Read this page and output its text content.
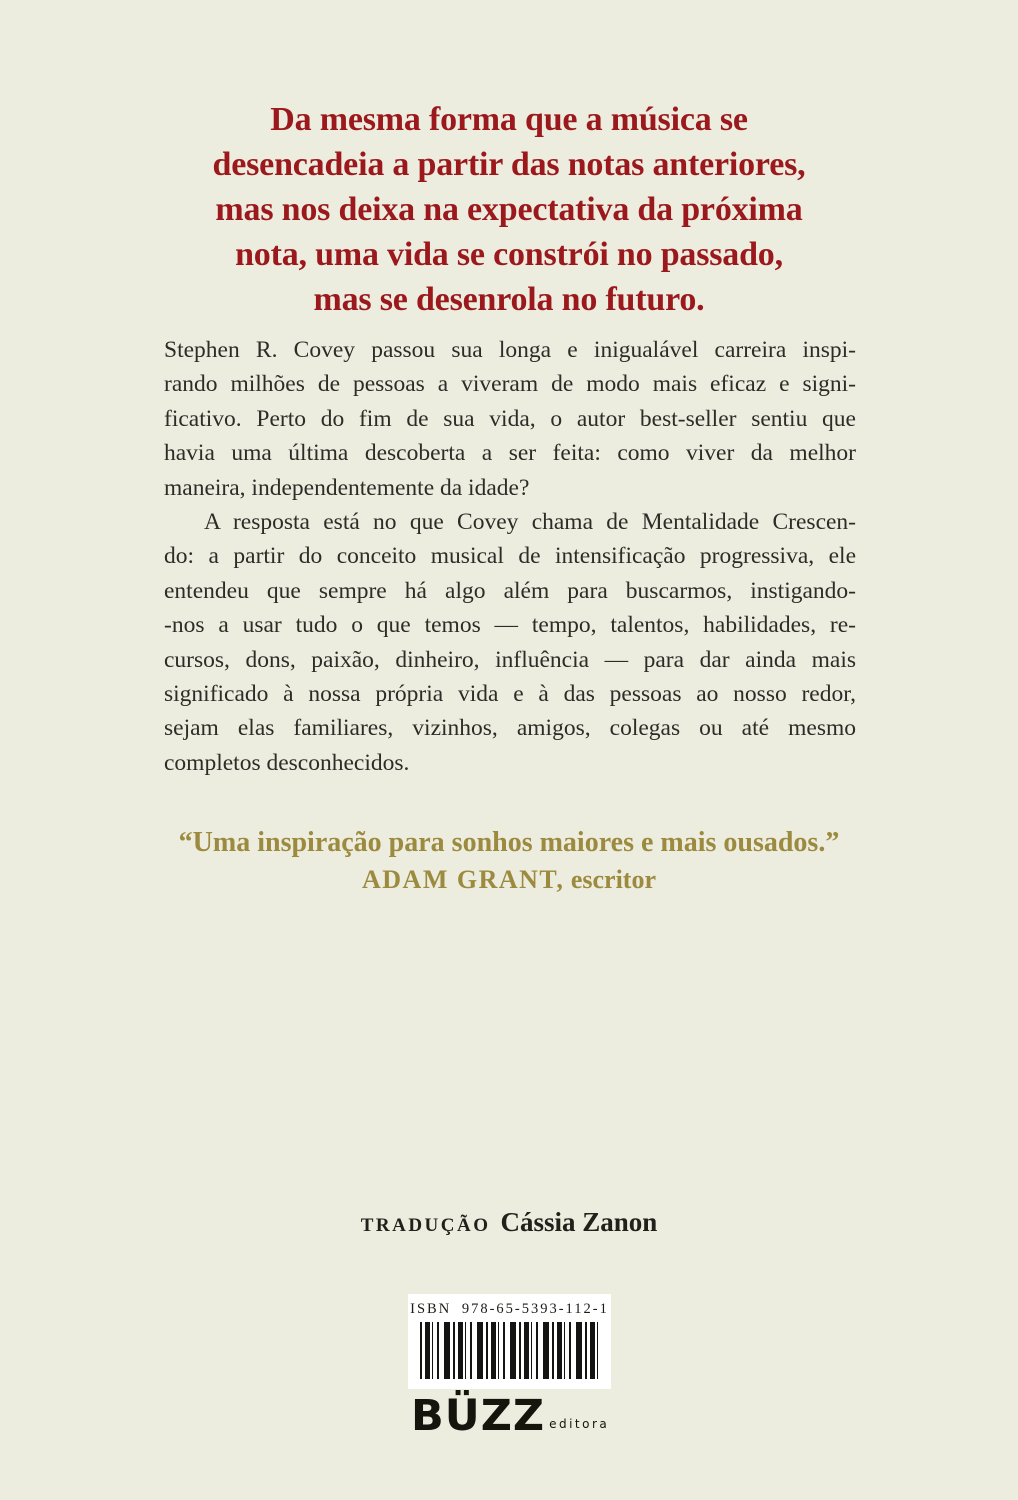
Da mesma forma que a música se
desencadeia a partir das notas anteriores,
mas nos deixa na expectativa da próxima
nota, uma vida se constrói no passado,
mas se desenrola no futuro.
Stephen R. Covey passou sua longa e inigualável carreira inspi-
rando milhões de pessoas a viveram de modo mais eficaz e signi-
ficativo. Perto do fim de sua vida, o autor best-seller sentiu que
havia uma última descoberta a ser feita: como viver da melhor
maneira, independentemente da idade?
A resposta está no que Covey chama de Mentalidade Crescen-
do: a partir do conceito musical de intensificação progressiva, ele
entendeu que sempre há algo além para buscarmos, instigando-
-nos a usar tudo o que temos — tempo, talentos, habilidades, re-
cursos, dons, paixão, dinheiro, influência — para dar ainda mais
significado à nossa própria vida e à das pessoas ao nosso redor,
sejam elas familiares, vizinhos, amigos, colegas ou até mesmo
completos desconhecidos.
“Uma inspiração para sonhos maiores e mais ousados.”
ADAM GRANT, escritor
TRADUÇÃO Cássia Zanon
ISBN 978-65-5393-112-1
BÜZZ editora
